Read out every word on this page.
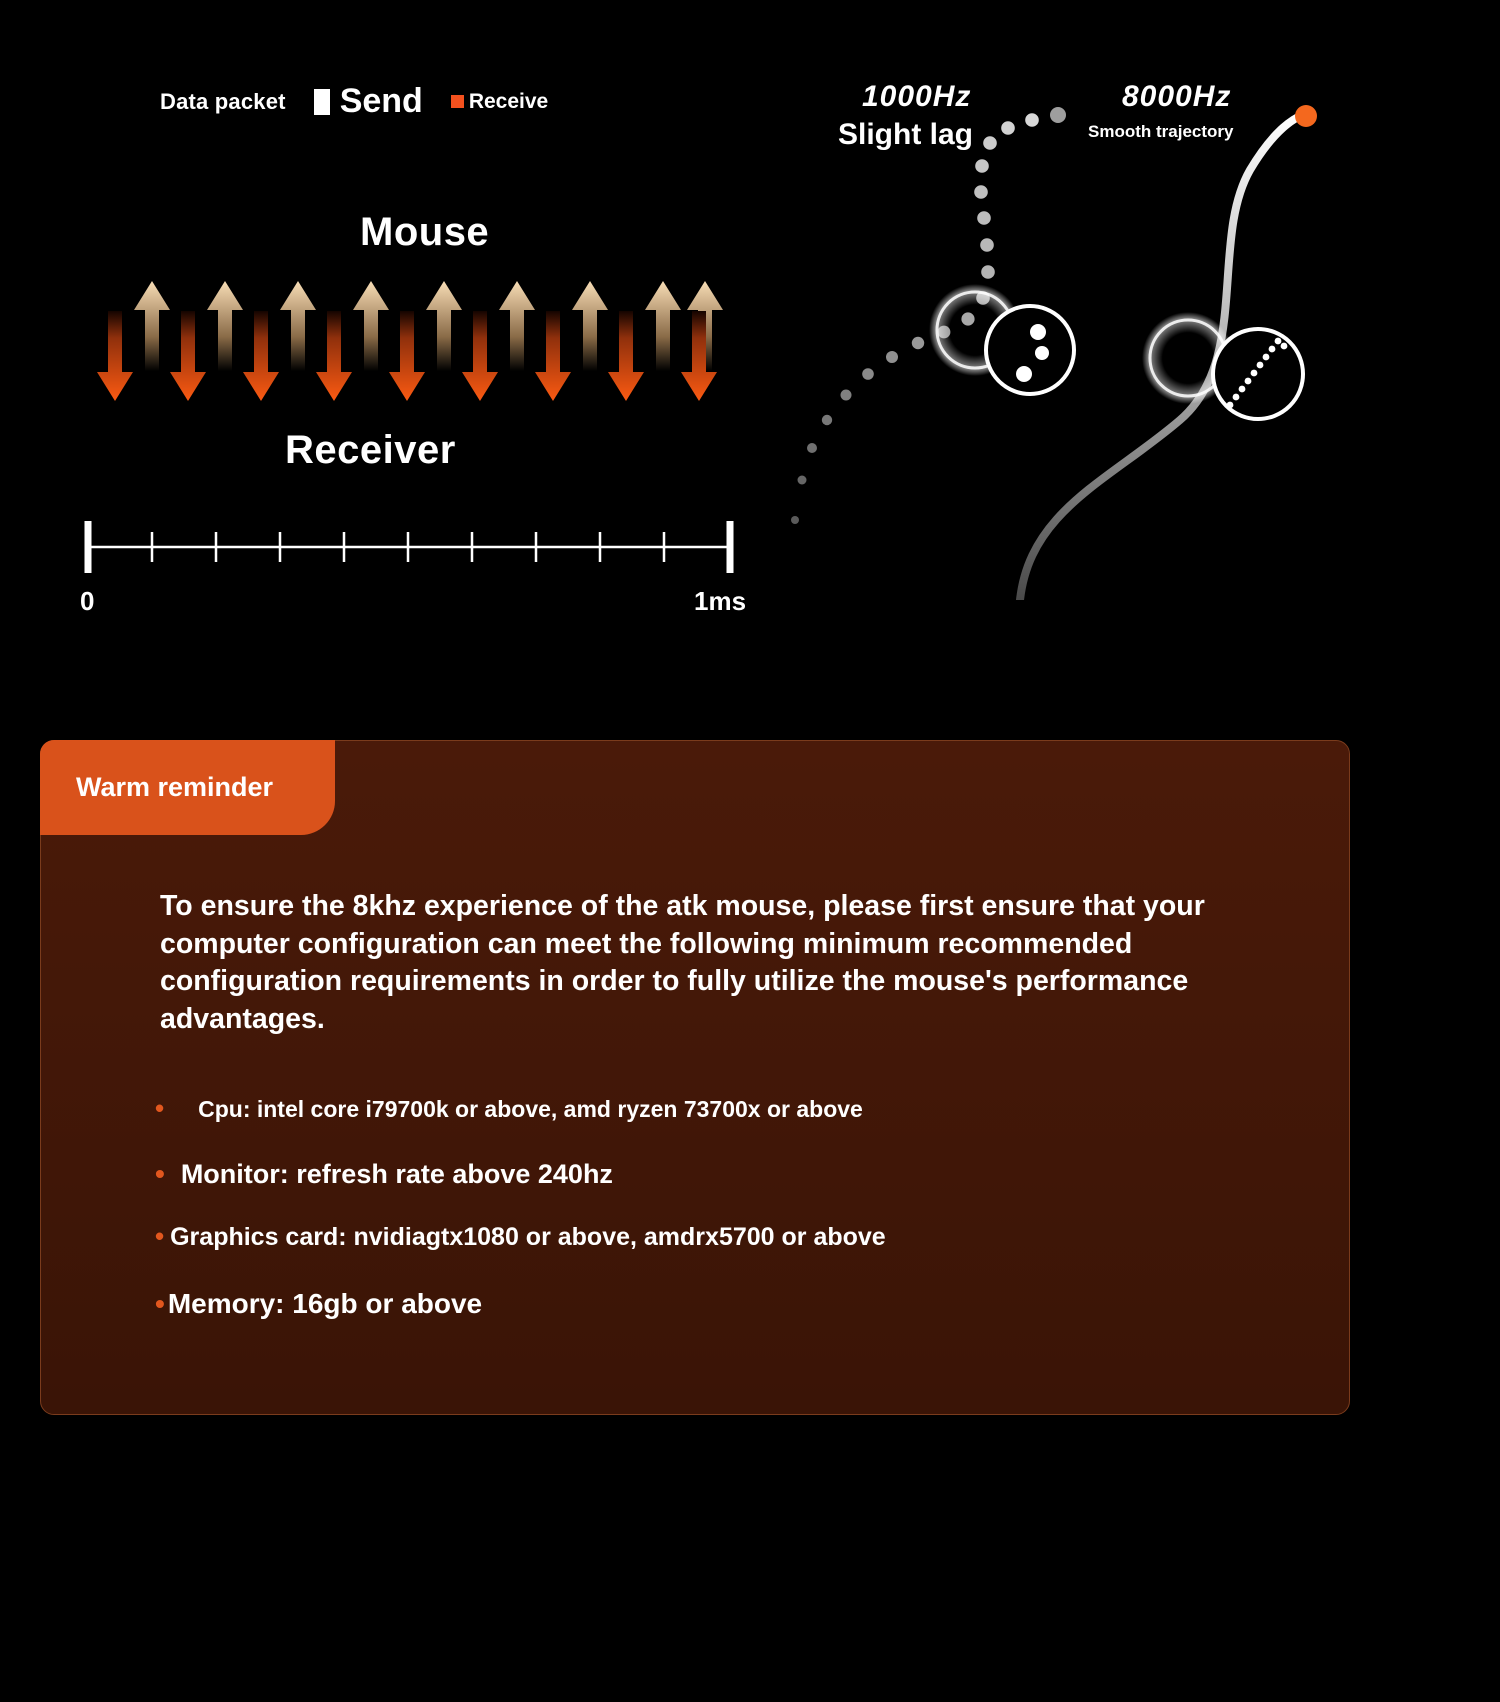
Data packet Send Receive
Mouse
Receiver
0	1ms
1000Hz
Slight lag
8000Hz
Smooth trajectory
Warm reminder

To ensure the 8khz experience of the atk mouse, please first ensure that your computer configuration can meet the following minimum recommended configuration requirements in order to fully utilize the mouse's performance advantages.

• Cpu: intel core i79700k or above, amd ryzen 73700x or above
• Monitor: refresh rate above 240hz
• Graphics card: nvidiagtx1080 or above, amdrx5700 or above
• Memory: 16gb or above
